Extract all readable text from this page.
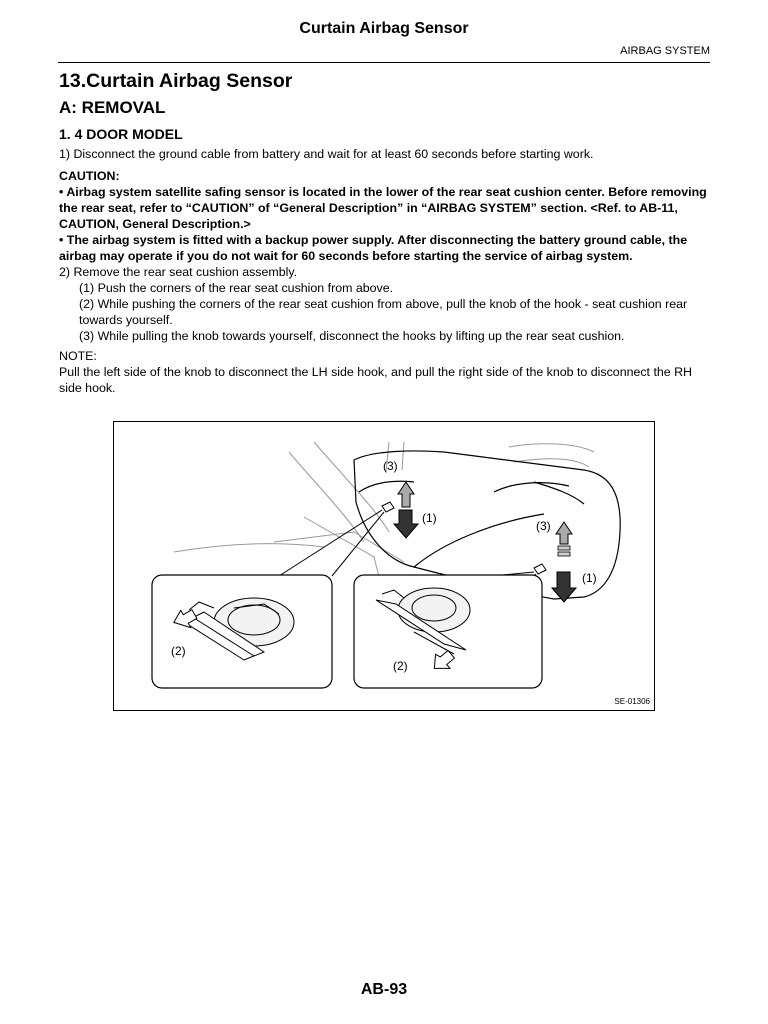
Curtain Airbag Sensor
AIRBAG SYSTEM
13.Curtain Airbag Sensor
A: REMOVAL
1. 4 DOOR MODEL

1) Disconnect the ground cable from battery and wait for at least 60 seconds before starting work.

CAUTION:

• Airbag system satellite safing sensor is located in the lower of the rear seat cushion center. Before removing the rear seat, refer to “CAUTION” of “General Description” in “AIRBAG SYSTEM” section. <Ref. to AB-11, CAUTION, General Description.>

• The airbag system is fitted with a backup power supply. After disconnecting the battery ground cable, the airbag may operate if you do not wait for 60 seconds before starting the service of airbag system.

2) Remove the rear seat cushion assembly.

(1) Push the corners of the rear seat cushion from above.

(2) While pushing the corners of the rear seat cushion from above, pull the knob of the hook - seat cushion rear towards yourself.

(3) While pulling the knob towards yourself, disconnect the hooks by lifting up the rear seat cushion.

NOTE:

Pull the left side of the knob to disconnect the LH side hook, and pull the right side of the knob to disconnect the RH side hook.

(3)
(1)
(3)
(1)
(2)
(2)
SE-01306
AB-93
